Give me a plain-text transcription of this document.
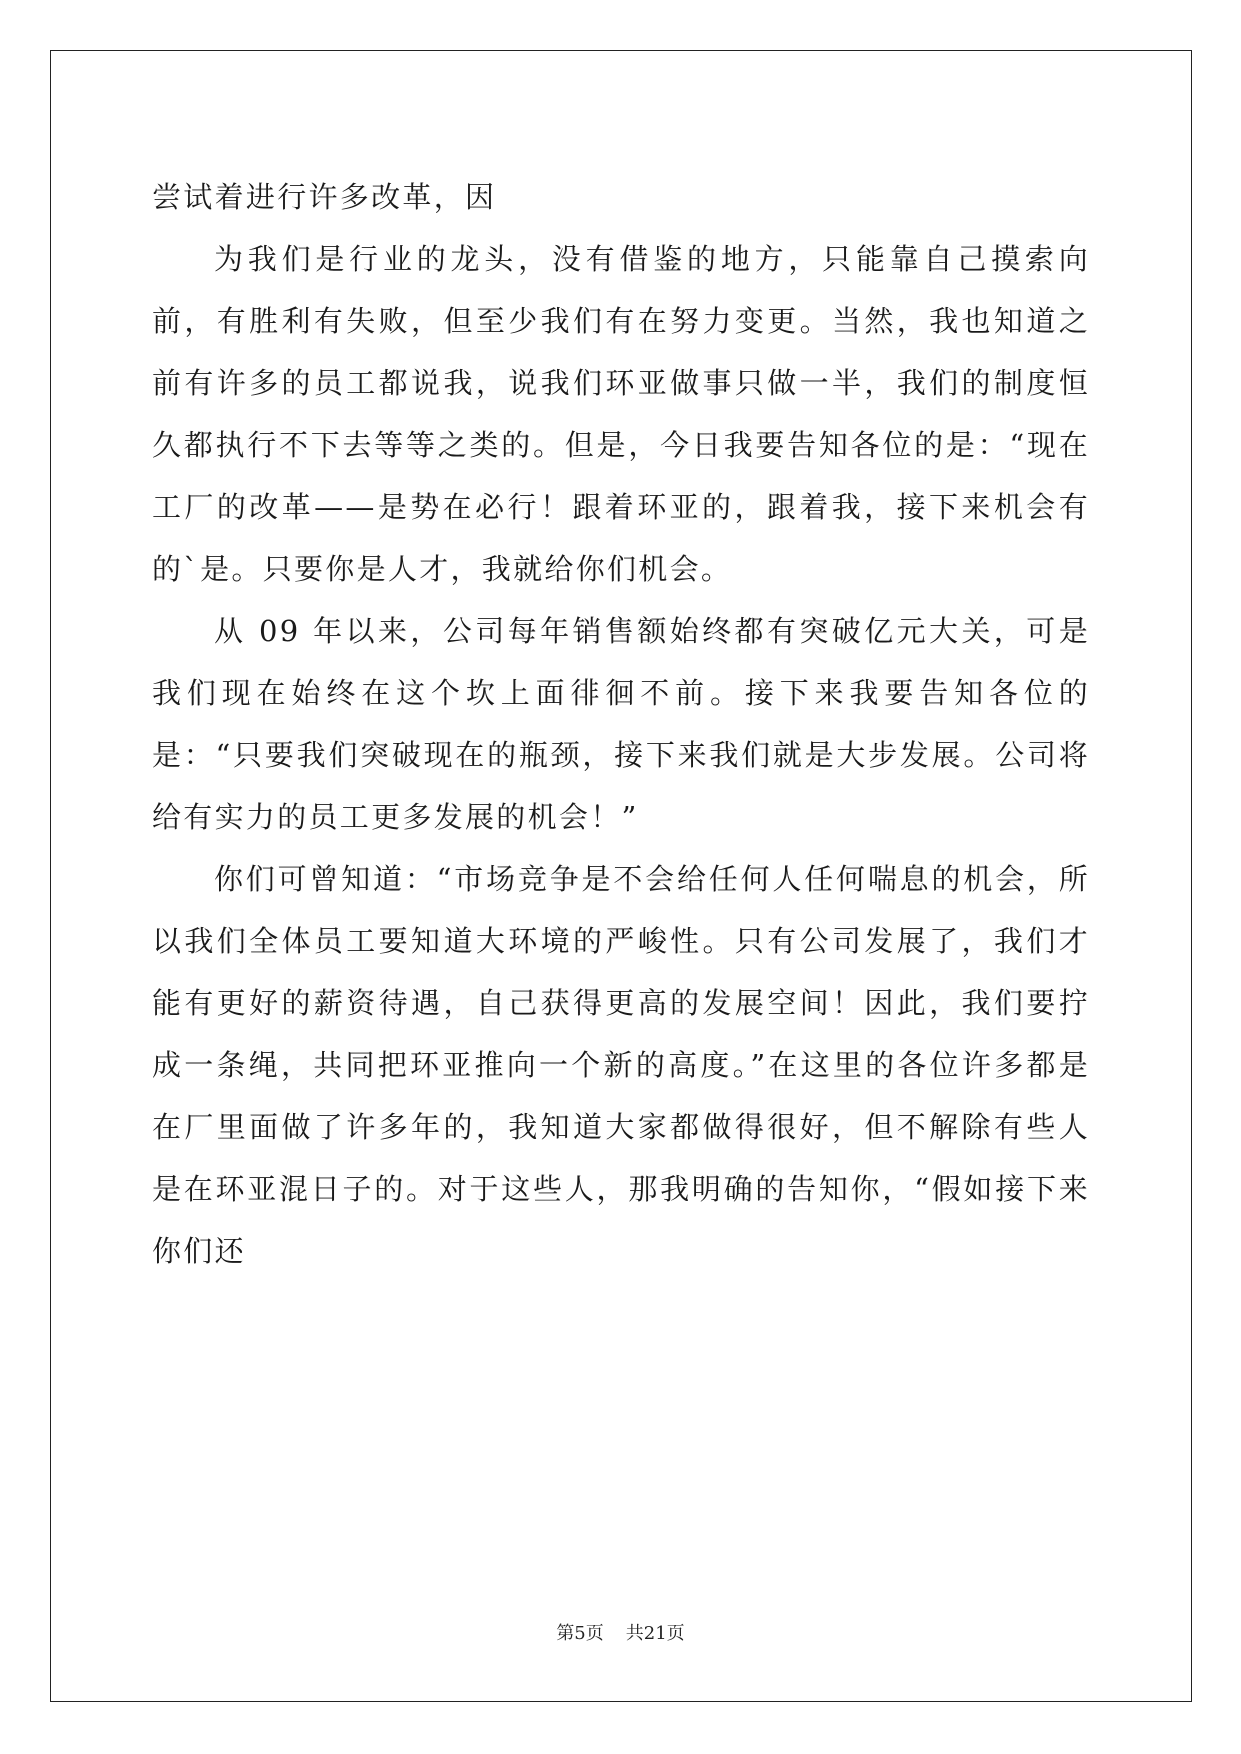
尝试着进行许多改革，因

为我们是行业的龙头，没有借鉴的地方，只能靠自己摸索向前，有胜利有失败，但至少我们有在努力变更。当然，我也知道之前有许多的员工都说我，说我们环亚做事只做一半，我们的制度恒久都执行不下去等等之类的。但是，今日我要告知各位的是：“现在工厂的改革——是势在必行！跟着环亚的，跟着我，接下来机会有的`是。只要你是人才，我就给你们机会。

从 09 年以来，公司每年销售额始终都有突破亿元大关，可是我们现在始终在这个坎上面徘徊不前。接下来我要告知各位的是：“只要我们突破现在的瓶颈，接下来我们就是大步发展。公司将给有实力的员工更多发展的机会！”

你们可曾知道：“市场竞争是不会给任何人任何喘息的机会，所以我们全体员工要知道大环境的严峻性。只有公司发展了，我们才能有更好的薪资待遇，自己获得更高的发展空间！因此，我们要拧成一条绳，共同把环亚推向一个新的高度。”在这里的各位许多都是在厂里面做了许多年的，我知道大家都做得很好，但不解除有些人是在环亚混日子的。对于这些人，那我明确的告知你，“假如接下来你们还

第5页 共21页
